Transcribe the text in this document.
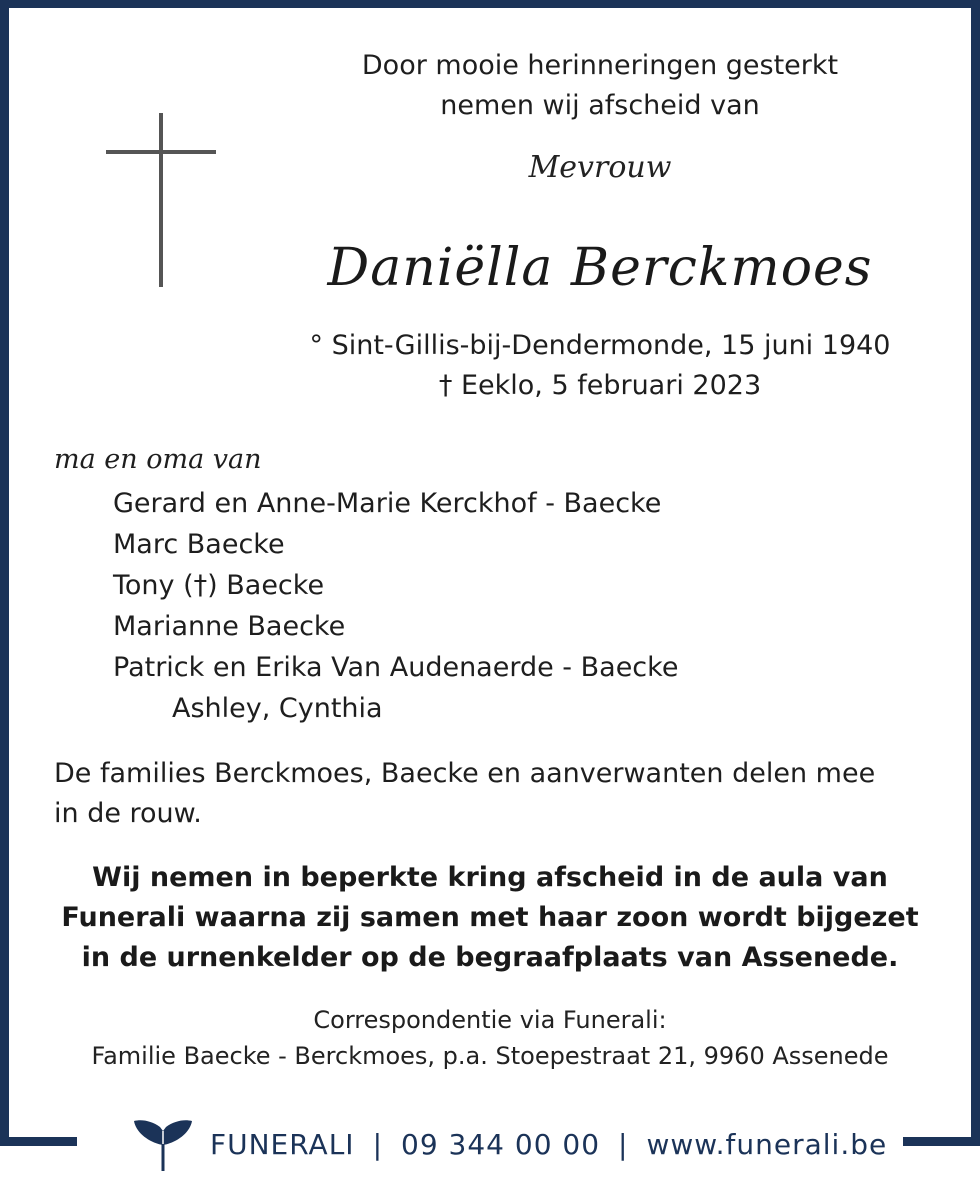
Door mooie herinneringen gesterkt
nemen wij afscheid van
Mevrouw
Daniëlla Berckmoes
° Sint-Gillis-bij-Dendermonde, 15 juni 1940
† Eeklo, 5 februari 2023
ma en oma van
Gerard en Anne-Marie Kerckhof - Baecke
Marc Baecke
Tony (†) Baecke
Marianne Baecke
Patrick en Erika Van Audenaerde - Baecke
Ashley, Cynthia
De families Berckmoes, Baecke en aanverwanten delen mee
in de rouw.
Wij nemen in beperkte kring afscheid in de aula van
Funerali waarna zij samen met haar zoon wordt bijgezet
in de urnenkelder op de begraafplaats van Assenede.
Correspondentie via Funerali:
Familie Baecke - Berckmoes, p.a. Stoepestraat 21, 9960 Assenede
FUNERALI | 09 344 00 00 | www.funerali.be
